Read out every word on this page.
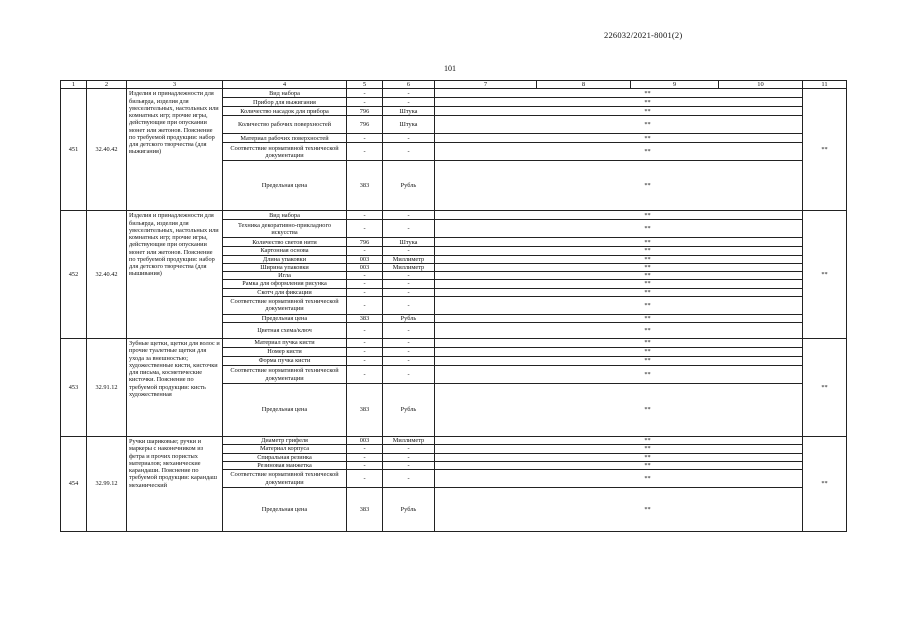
226032/2021-8001(2)
101
1	2	3	4	5	6	7	8	9	10	11
451	32.40.42	Изделия и принадлежности для бильярда, изделия для увеселительных, настольных или комнатных игр; прочие игры, действующие при опускании монет или жетонов. Пояснение по требуемой продукции: набор для детского творчества (для выжигания)	Вид набора	-	-	**				**
			Прибор для выжигания	-	-	**				
			Количество насадок для прибора	796	Штука	**				
			Количество рабочих поверхностей	796	Штука	**				
			Материал рабочих поверхностей	-	-	**				
			Соответствие нормативной технической документации	-	-	**				
			Предельная цена	383	Рубль	**				
452	32.40.42	Изделия и принадлежности для бильярда, изделия для увеселительных, настольных или комнатных игр; прочие игры, действующие при опускании монет или жетонов. Пояснение по требуемой продукции: набор для детского творчества (для вышивания)	Вид набора	-	-	**				**
			Техника декоративно-прикладного искусства	-	-	**				
			Количество светов нити	796	Штука	**				
			Картонная основа	-	-	**				
			Длина упаковки	003	Миллиметр	**				
			Ширина упаковки	003	Миллиметр	**				
			Игла	-	-	**				
			Рамка для оформления рисунка	-	-	**				
			Скотч для фиксации	-	-	**				
			Соответствие нормативной технической документации	-	-	**				
			Предельная цена	383	Рубль	**				
			Цветная схема/ключ	-	-	**				
453	32.91.12	Зубные щетки, щетки для волос и прочие туалетные щетки для ухода за внешностью; художественные кисти, кисточки для письма, косметические кисточки. Пояснение по требуемой продукции: кисть художественная	Материал пучка кисти	-	-	**				**
			Номер кисти	-	-	**				
			Форма пучка кисти	-	-	**				
			Соответствие нормативной технической документации	-	-	**				
			Предельная цена	383	Рубль	**				
454	32.99.12	Ручки шариковые; ручки и маркеры с наконечником из фетра и прочих пористых материалов; механические карандаши. Пояснение по требуемой продукции: карандаш механический	Диаметр грифеля	003	Миллиметр	**				**
			Материал корпуса	-	-	**				
			Спиральная резинка	-	-	**				
			Резиновая манжетка	-	-	**				
			Соответствие нормативной технической документации	-	-	**				
			Предельная цена	383	Рубль	**				
